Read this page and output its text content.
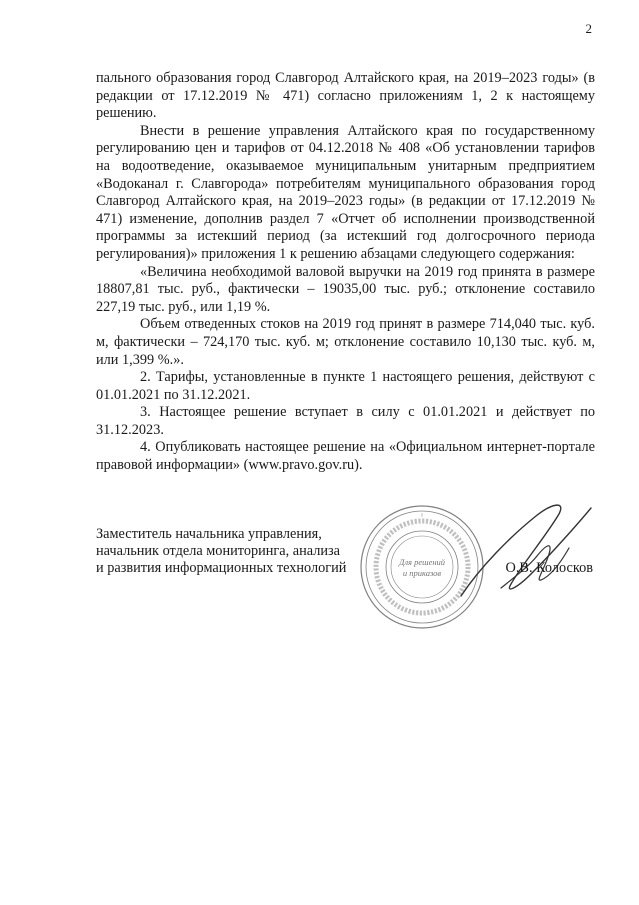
2

пального образования город Славгород Алтайского края, на 2019–2023 годы» (в редакции от 17.12.2019 № 471) согласно приложениям 1, 2 к настоящему решению.

Внести в решение управления Алтайского края по государственному регулированию цен и тарифов от 04.12.2018 № 408 «Об установлении тарифов на водоотведение, оказываемое муниципальным унитарным предприятием «Водоканал г. Славгорода» потребителям муниципального образования город Славгород Алтайского края, на 2019–2023 годы» (в редакции от 17.12.2019 № 471) изменение, дополнив раздел 7 «Отчет об исполнении производственной программы за истекший период (за истекший год долгосрочного периода регулирования)» приложения 1 к решению абзацами следующего содержания:

«Величина необходимой валовой выручки на 2019 год принята в размере 18807,81 тыс. руб., фактически – 19035,00 тыс. руб.; отклонение составило 227,19 тыс. руб., или 1,19 %.

Объем отведенных стоков на 2019 год принят в размере 714,040 тыс. куб. м, фактически – 724,170 тыс. куб. м; отклонение составило 10,130 тыс. куб. м, или 1,399 %.».

2. Тарифы, установленные в пункте 1 настоящего решения, действуют с 01.01.2021 по 31.12.2021.

3. Настоящее решение вступает в силу с 01.01.2021 и действует по 31.12.2023.

4. Опубликовать настоящее решение на «Официальном интернет-портале правовой информации» (www.pravo.gov.ru).

Заместитель начальника управления,
начальник отдела мониторинга, анализа
и развития информационных технологий	Для решений
и приказов	О.В. Колосков
